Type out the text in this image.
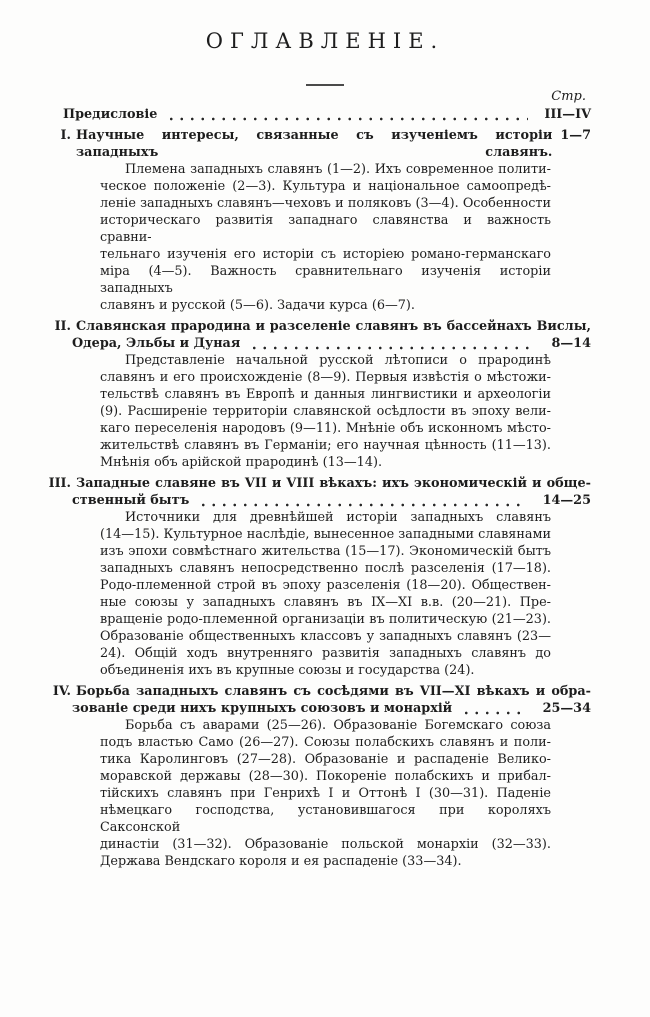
ОГЛАВЛЕНІЕ.
Стр.
Предисловіе	III—IV
I. Научные интересы, связанные съ изученіемъ исторіи западныхъ славянъ.
1—7
Племена западныхъ славянъ (1—2). Ихъ современное полити-
ческое положеніе (2—3). Культура и національное самоопредѣ-
леніе западныхъ славянъ—чеховъ и поляковъ (3—4). Особенности
историческаго развитія западнаго славянства и важность сравни-
тельнаго изученія его исторіи съ исторіею романо-германскаго
міра (4—5). Важность сравнительнаго изученія исторіи западныхъ
славянъ и русской (5—6). Задачи курса (6—7).
II. Славянская прародина и разселеніе славянъ въ бассейнахъ Вислы,
Одера, Эльбы и Дуная	8—14
Представленіе начальной русской лѣтописи о прародинѣ
славянъ и его происхожденіе (8—9). Первыя извѣстія о мѣстожи-
тельствѣ славянъ въ Европѣ и данныя лингвистики и археологіи
(9). Расширеніе территоріи славянской осѣдлости въ эпоху вели-
каго переселенія народовъ (9—11). Мнѣніе объ исконномъ мѣсто-
жительствѣ славянъ въ Германіи; его научная цѣнность (11—13).
Мнѣнія объ арійской прародинѣ (13—14).
III. Западные славяне въ VII и VIII вѣкахъ: ихъ экономическій и обще-
ственный бытъ	14—25
Источники для древнѣйшей исторіи западныхъ славянъ
(14—15). Культурное наслѣдіе, вынесенное западными славянами
изъ эпохи совмѣстнаго жительства (15—17). Экономическій бытъ
западныхъ славянъ непосредственно послѣ разселенія (17—18).
Родо-племенной строй въ эпоху разселенія (18—20). Обществен-
ные союзы у западныхъ славянъ въ IX—XI в.в. (20—21). Пре-
вращеніе родо-племенной организаціи въ политическую (21—23).
Образованіе общественныхъ классовъ у западныхъ славянъ (23—
24). Общій ходъ внутренняго развитія западныхъ славянъ до
объединенія ихъ въ крупные союзы и государства (24).
IV. Борьба западныхъ славянъ съ сосѣдями въ VII—XI вѣкахъ и обра-
зованіе среди нихъ крупныхъ союзовъ и монархій	25—34
Борьба съ аварами (25—26). Образованіе Богемскаго союза
подъ властью Само (26—27). Союзы полабскихъ славянъ и поли-
тика Каролинговъ (27—28). Образованіе и распаденіе Велико-
моравской державы (28—30). Покореніе полабскихъ и прибал-
тійскихъ славянъ при Генрихѣ I и Оттонѣ I (30—31). Паденіе
нѣмецкаго господства, установившагося при короляхъ Саксонской
династіи (31—32). Образованіе польской монархіи (32—33).
Держава Вендскаго короля и ея распаденіе (33—34).
